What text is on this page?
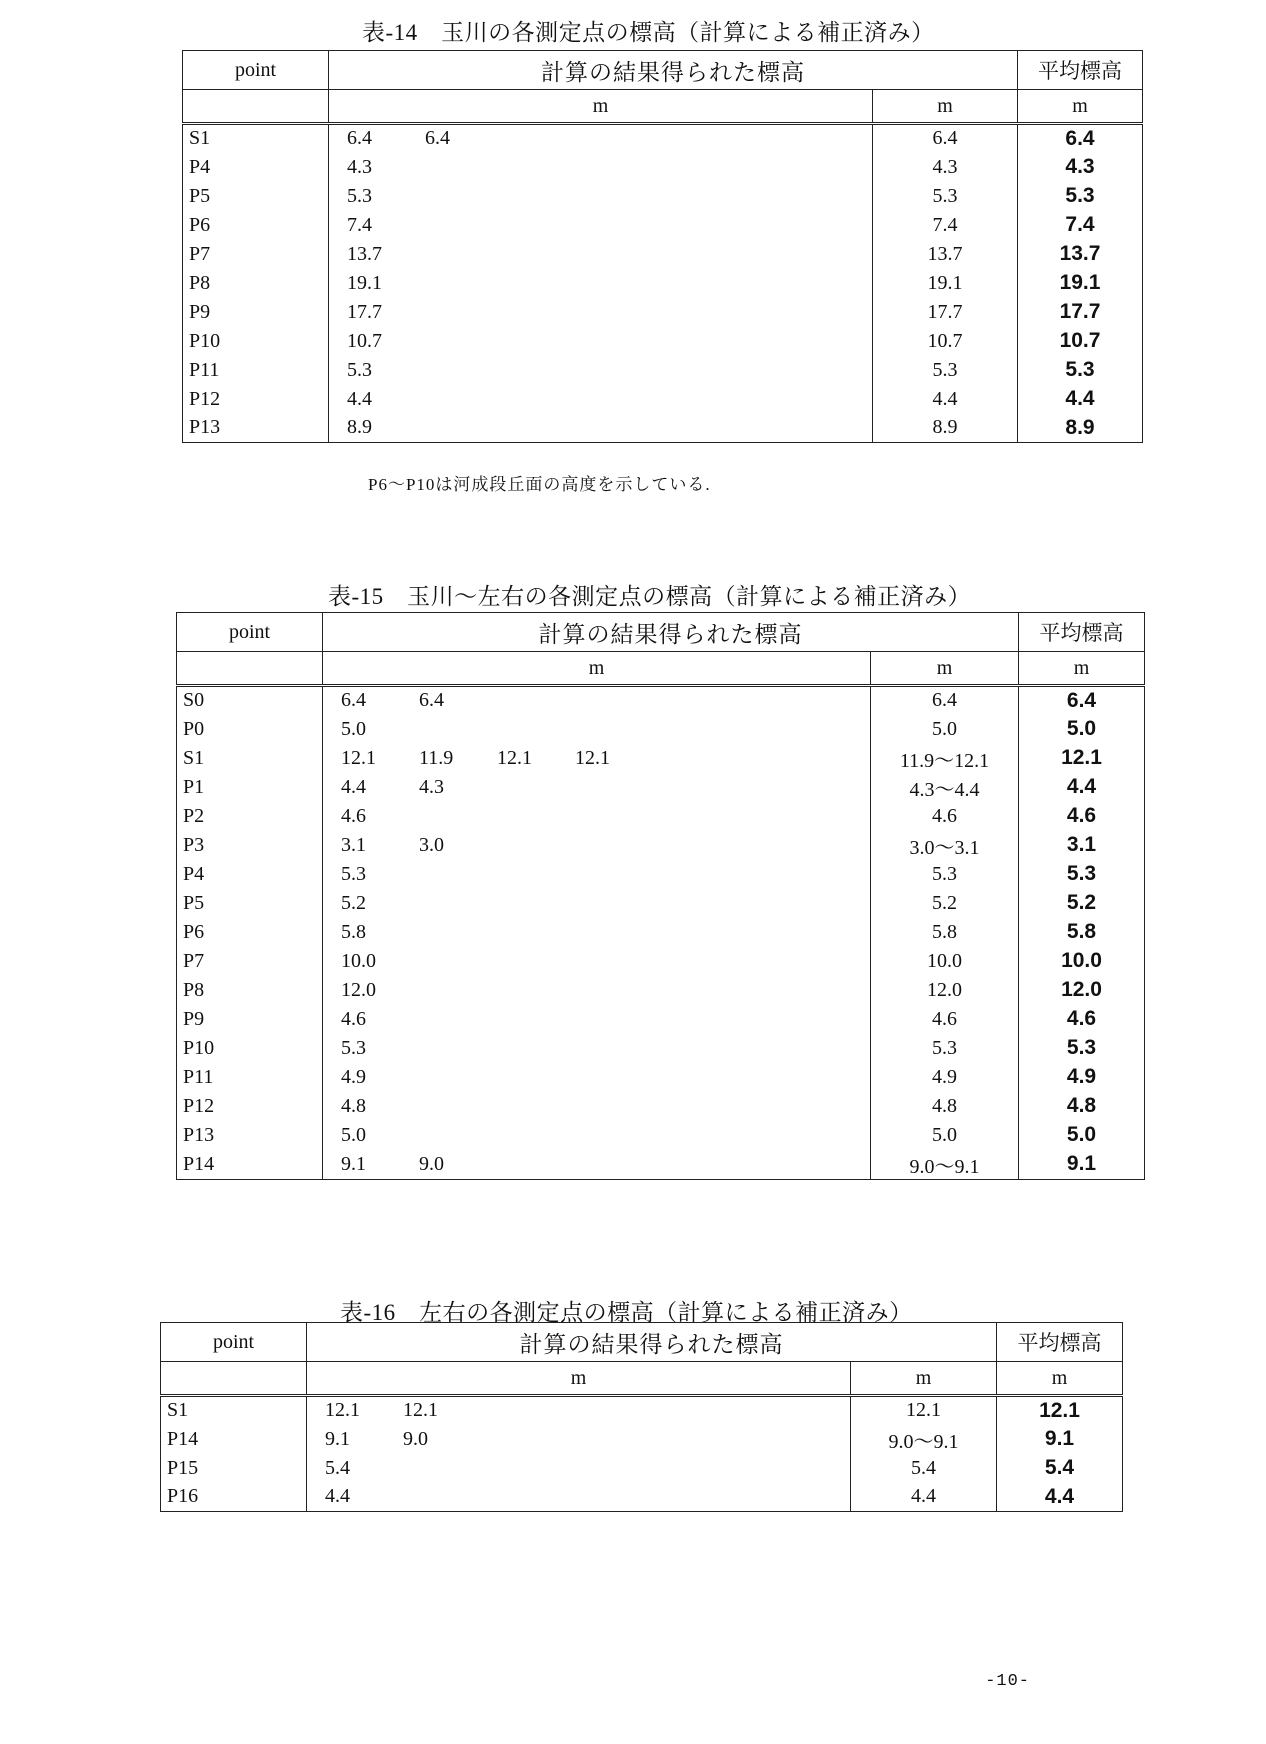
表-14　玉川の各測定点の標高（計算による補正済み）
point	計算の結果得られた標高		平均標高
	m	m	m
S1	6.4 6.4	6.4	6.4
P4	4.3	4.3	4.3
P5	5.3	5.3	5.3
P6	7.4	7.4	7.4
P7	13.7	13.7	13.7
P8	19.1	19.1	19.1
P9	17.7	17.7	17.7
P10	10.7	10.7	10.7
P11	5.3	5.3	5.3
P12	4.4	4.4	4.4
P13	8.9	8.9	8.9
P6～P10は河成段丘面の高度を示している.
表-15　玉川～左右の各測定点の標高（計算による補正済み）
point	計算の結果得られた標高		平均標高
	m	m	m
S0	6.4 6.4	6.4	6.4
P0	5.0	5.0	5.0
S1	12.1 11.9 12.1 12.1	11.9～12.1	12.1
P1	4.4 4.3	4.3～4.4	4.4
P2	4.6	4.6	4.6
P3	3.1 3.0	3.0～3.1	3.1
P4	5.3	5.3	5.3
P5	5.2	5.2	5.2
P6	5.8	5.8	5.8
P7	10.0	10.0	10.0
P8	12.0	12.0	12.0
P9	4.6	4.6	4.6
P10	5.3	5.3	5.3
P11	4.9	4.9	4.9
P12	4.8	4.8	4.8
P13	5.0	5.0	5.0
P14	9.1 9.0	9.0～9.1	9.1
表-16　左右の各測定点の標高（計算による補正済み）
point	計算の結果得られた標高		平均標高
	m	m	m
S1	12.1 12.1	12.1	12.1
P14	9.1 9.0	9.0～9.1	9.1
P15	5.4	5.4	5.4
P16	4.4	4.4	4.4
-10-
